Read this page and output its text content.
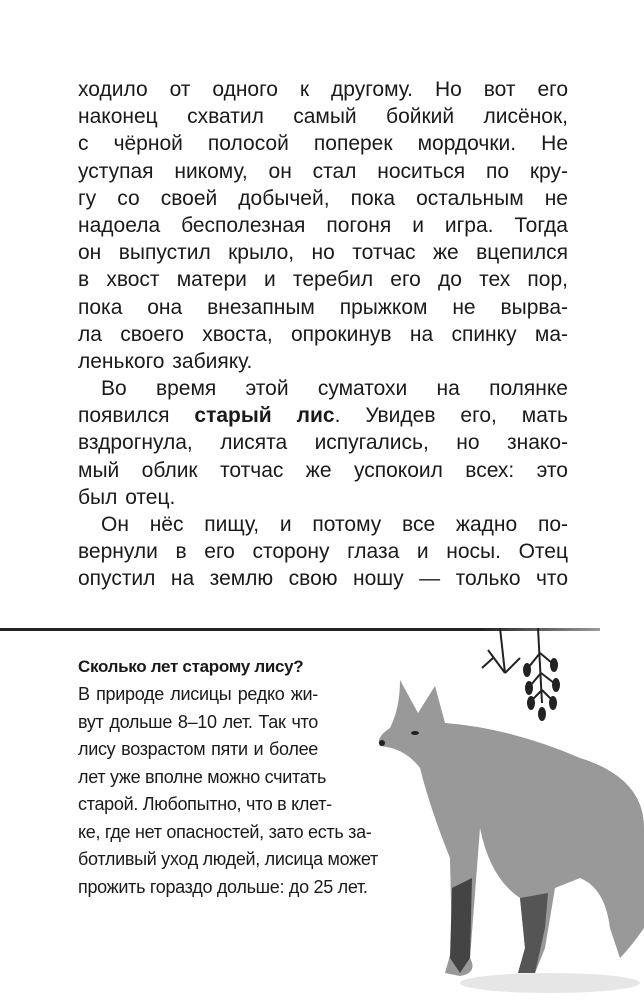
ходило от одного к другому. Но вот его
наконец схватил самый бойкий лисёнок,
с чёрной полосой поперек мордочки. Не
уступая никому, он стал носиться по кру-
гу со своей добычей, пока остальным не
надоела бесполезная погоня и игра. Тогда
он выпустил крыло, но тотчас же вцепился
в хвост матери и теребил его до тех пор,
пока она внезапным прыжком не вырва-
ла своего хвоста, опрокинув на спинку ма-
ленького забияку.
Во время этой суматохи на полянке
появился старый лис. Увидев его, мать
вздрогнула, лисята испугались, но знако-
мый облик тотчас же успокоил всех: это
был отец.
Он нёс пищу, и потому все жадно по-
вернули в его сторону глаза и носы. Отец
опустил на землю свою ношу — только что
Сколько лет старому лису?
В природе лисицы редко жи-
вут дольше 8–10 лет. Так что
лису возрастом пяти и более
лет уже вполне можно считать
старой. Любопытно, что в клет-
ке, где нет опасностей, зато есть за-
ботливый уход людей, лисица может
прожить гораздо дольше: до 25 лет.
